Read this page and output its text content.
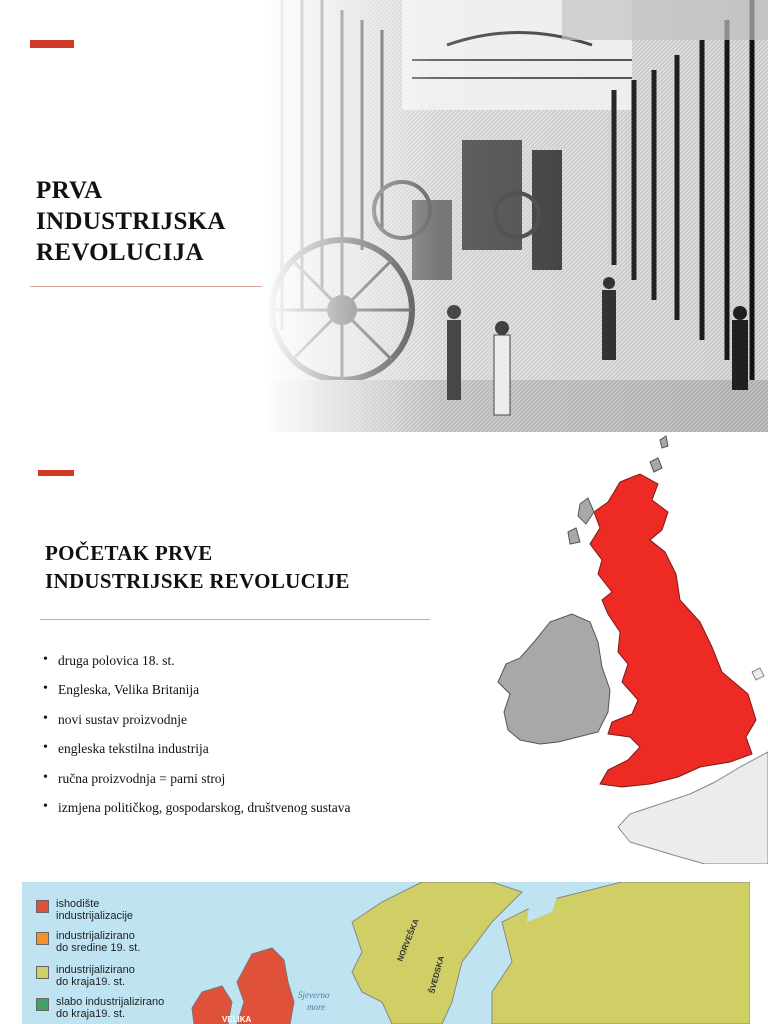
PRVA
INDUSTRIJSKA
REVOLUCIJA
POČETAK PRVE
INDUSTRIJSKE REVOLUCIJE
• druga polovica 18. st.
• Engleska, Velika Britanija
• novi sustav proizvodnje
• engleska tekstilna industrija
• ručna proizvodnja = parni stroj
• izmjena političkog, gospodarskog, društvenog sustava
NORVEŠKA
ŠVEDSKA
Sjeverno
more
VELIKA
ishodište
industrijalizacije
industrijalizirano
do sredine 19. st.
industrijalizirano
do kraja19. st.
slabo industrijalizirano
do kraja19. st.
